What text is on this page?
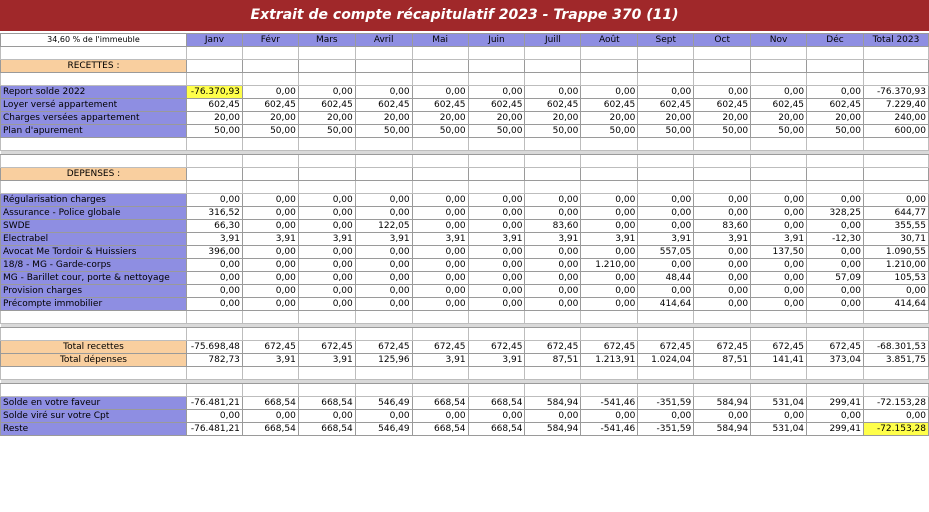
Extrait de compte récapitulatif 2023 - Trappe 370 (11)
34,60 % de l'immeuble	Janv	Févr	Mars	Avril	Mai	Juin	Juill	Août	Sept	Oct	Nov	Déc	Total 2023

RECETTES :													

Report solde 2022	-76.370,93	0,00	0,00	0,00	0,00	0,00	0,00	0,00	0,00	0,00	0,00	0,00	-76.370,93
Loyer versé appartement	602,45	602,45	602,45	602,45	602,45	602,45	602,45	602,45	602,45	602,45	602,45	602,45	7.229,40
Charges versées appartement	20,00	20,00	20,00	20,00	20,00	20,00	20,00	20,00	20,00	20,00	20,00	20,00	240,00
Plan d'apurement	50,00	50,00	50,00	50,00	50,00	50,00	50,00	50,00	50,00	50,00	50,00	50,00	600,00

DEPENSES :													

Régularisation charges	0,00	0,00	0,00	0,00	0,00	0,00	0,00	0,00	0,00	0,00	0,00	0,00	0,00
Assurance - Police globale	316,52	0,00	0,00	0,00	0,00	0,00	0,00	0,00	0,00	0,00	0,00	328,25	644,77
SWDE	66,30	0,00	0,00	122,05	0,00	0,00	83,60	0,00	0,00	83,60	0,00	0,00	355,55
Electrabel	3,91	3,91	3,91	3,91	3,91	3,91	3,91	3,91	3,91	3,91	3,91	-12,30	30,71
Avocat Me Tordoir & Huissiers	396,00	0,00	0,00	0,00	0,00	0,00	0,00	0,00	557,05	0,00	137,50	0,00	1.090,55
18/8 - MG - Garde-corps	0,00	0,00	0,00	0,00	0,00	0,00	0,00	1.210,00	0,00	0,00	0,00	0,00	1.210,00
MG - Barillet cour, porte & nettoyage	0,00	0,00	0,00	0,00	0,00	0,00	0,00	0,00	48,44	0,00	0,00	57,09	105,53
Provision charges	0,00	0,00	0,00	0,00	0,00	0,00	0,00	0,00	0,00	0,00	0,00	0,00	0,00
Précompte immobilier	0,00	0,00	0,00	0,00	0,00	0,00	0,00	0,00	414,64	0,00	0,00	0,00	414,64

Total recettes	-75.698,48	672,45	672,45	672,45	672,45	672,45	672,45	672,45	672,45	672,45	672,45	672,45	-68.301,53
Total dépenses	782,73	3,91	3,91	125,96	3,91	3,91	87,51	1.213,91	1.024,04	87,51	141,41	373,04	3.851,75

Solde en votre faveur	-76.481,21	668,54	668,54	546,49	668,54	668,54	584,94	-541,46	-351,59	584,94	531,04	299,41	-72.153,28
Solde viré sur votre Cpt	0,00	0,00	0,00	0,00	0,00	0,00	0,00	0,00	0,00	0,00	0,00	0,00	0,00
Reste	-76.481,21	668,54	668,54	546,49	668,54	668,54	584,94	-541,46	-351,59	584,94	531,04	299,41	-72.153,28
